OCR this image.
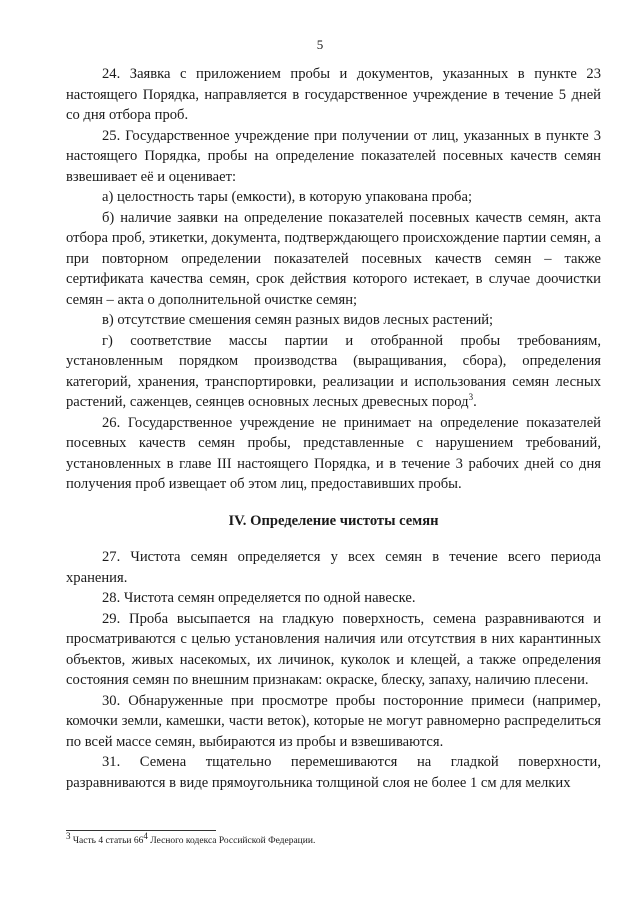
5

24. Заявка с приложением пробы и документов, указанных в пункте 23 настоящего Порядка, направляется в государственное учреждение в течение 5 дней со дня отбора проб.

25. Государственное учреждение при получении от лиц, указанных в пункте 3 настоящего Порядка, пробы на определение показателей посевных качеств семян взвешивает её и оценивает:

а) целостность тары (емкости), в которую упакована проба;

б) наличие заявки на определение показателей посевных качеств семян, акта отбора проб, этикетки, документа, подтверждающего происхождение партии семян, а при повторном определении показателей посевных качеств семян – также сертификата качества семян, срок действия которого истекает, в случае доочистки семян – акта о дополнительной очистке семян;

в) отсутствие смешения семян разных видов лесных растений;

г) соответствие массы партии и отобранной пробы требованиям, установленным порядком производства (выращивания, сбора), определения категорий, хранения, транспортировки, реализации и использования семян лесных растений, саженцев, сеянцев основных лесных древесных пород$^3$.

26. Государственное учреждение не принимает на определение показателей посевных качеств семян пробы, представленные с нарушением требований, установленных в главе III настоящего Порядка, и в течение 3 рабочих дней со дня получения проб извещает об этом лиц, предоставивших пробы.

IV. Определение чистоты семян

27. Чистота семян определяется у всех семян в течение всего периода хранения.

28. Чистота семян определяется по одной навеске.

29. Проба высыпается на гладкую поверхность, семена разравниваются и просматриваются с целью установления наличия или отсутствия в них карантинных объектов, живых насекомых, их личинок, куколок и клещей, а также определения состояния семян по внешним признакам: окраске, блеску, запаху, наличию плесени.

30. Обнаруженные при просмотре пробы посторонние примеси (например, комочки земли, камешки, части веток), которые не могут равномерно распределиться по всей массе семян, выбираются из пробы и взвешиваются.

31. Семена тщательно перемешиваются на гладкой поверхности, разравниваются в виде прямоугольника толщиной слоя не более 1 см для мелких

$^3$ Часть 4 статьи $66^4$ Лесного кодекса Российской Федерации.
